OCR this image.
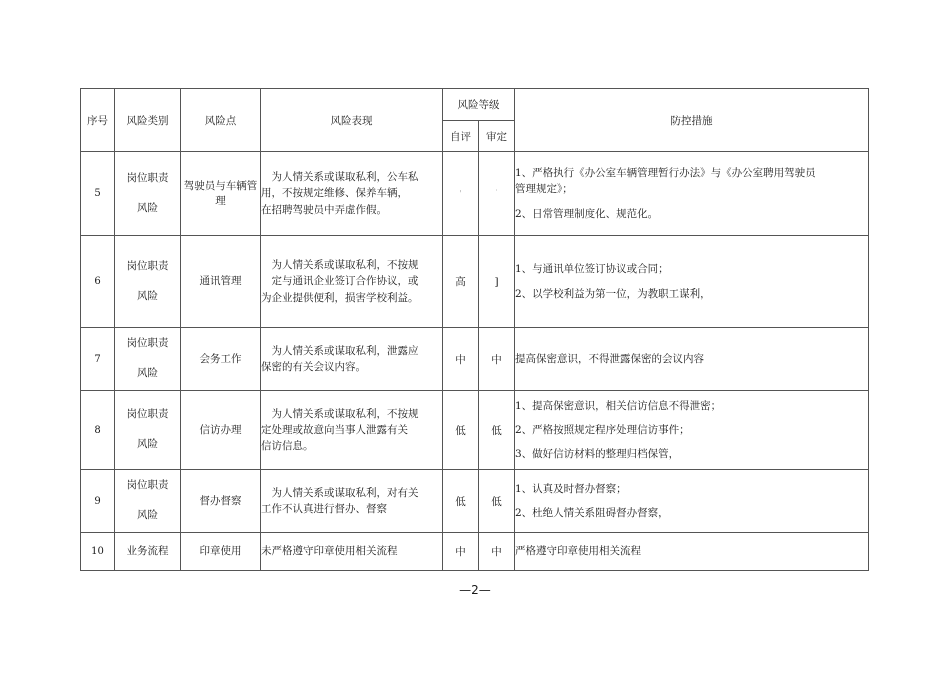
序号	风险类别	风险点	风险表现	风险等级		防控措施
				自评	审定	
5	岗位职责
风险	驾驶员与车辆管理	为人情关系或谋取私利，公车私
用，不按规定维修、保养车辆，
在招聘驾驶员中弄虚作假。	'	˙	1、严格执行《办公室车辆管理暂行办法》与《办公室聘用驾驶员
管理规定》；
2、日常管理制度化、规范化。

6	岗位职责
风险	通讯管理	为人情关系或谋取私利，不按规
定与通讯企业签订合作协议，或
为企业提供便利，损害学校利益。	高	]	1、与通讯单位签订协议或合同；
2、以学校利益为第一位，为教职工谋利，

7	岗位职责
风险	会务工作	为人情关系或谋取私利，泄露应
保密的有关会议内容。	中	中	提高保密意识，不得泄露保密的会议内容

8	岗位职责
风险	信访办理	为人情关系或谋取私利，不按规
定处理或故意向当事人泄露有关
信访信息。	低	低	1、提高保密意识，相关信访信息不得泄密；
2、严格按照规定程序处理信访事件；
3、做好信访材料的整理归档保管，

9	岗位职责
风险	督办督察	为人情关系或谋取私利，对有关
工作不认真进行督办、督察	低	低	1、认真及时督办督察；
2、杜绝人情关系阻碍督办督察，

10	业务流程	印章使用	未严格遵守印章使用相关流程	中	中	严格遵守印章使用相关流程
—2—
